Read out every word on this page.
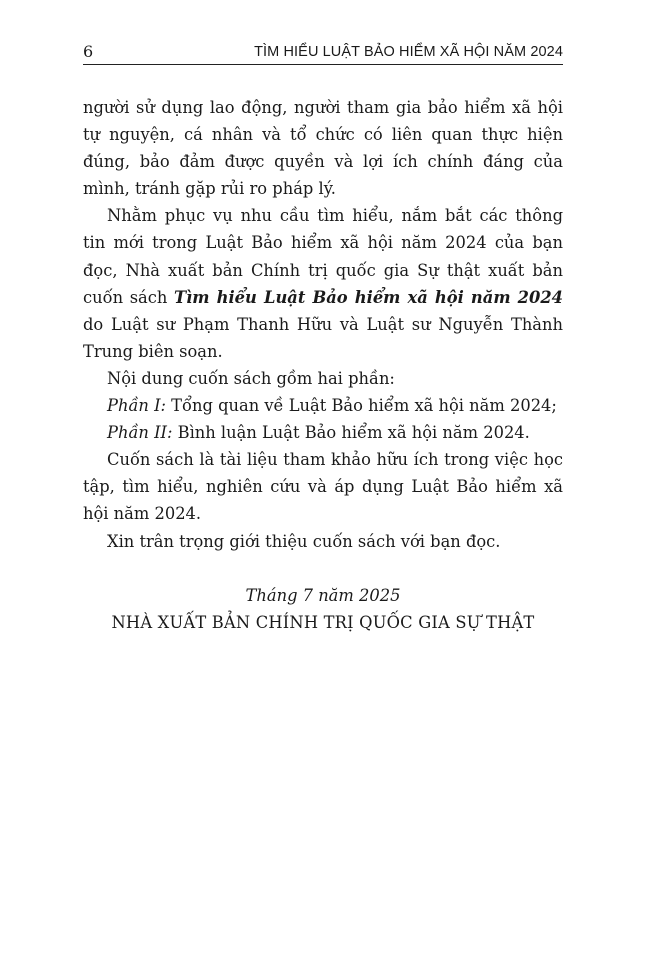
6	TÌM HIỂU LUẬT BẢO HIỂM XÃ HỘI NĂM 2024

người sử dụng lao động, người tham gia bảo hiểm xã hội tự nguyện, cá nhân và tổ chức có liên quan thực hiện đúng, bảo đảm được quyền và lợi ích chính đáng của mình, tránh gặp rủi ro pháp lý.

Nhằm phục vụ nhu cầu tìm hiểu, nắm bắt các thông tin mới trong Luật Bảo hiểm xã hội năm 2024 của bạn đọc, Nhà xuất bản Chính trị quốc gia Sự thật xuất bản cuốn sách Tìm hiểu Luật Bảo hiểm xã hội năm 2024 do Luật sư Phạm Thanh Hữu và Luật sư Nguyễn Thành Trung biên soạn.

Nội dung cuốn sách gồm hai phần:

Phần I: Tổng quan về Luật Bảo hiểm xã hội năm 2024;

Phần II: Bình luận Luật Bảo hiểm xã hội năm 2024.

Cuốn sách là tài liệu tham khảo hữu ích trong việc học tập, tìm hiểu, nghiên cứu và áp dụng Luật Bảo hiểm xã hội năm 2024.

Xin trân trọng giới thiệu cuốn sách với bạn đọc.

Tháng 7 năm 2025
NHÀ XUẤT BẢN CHÍNH TRỊ QUỐC GIA SỰ THẬT
